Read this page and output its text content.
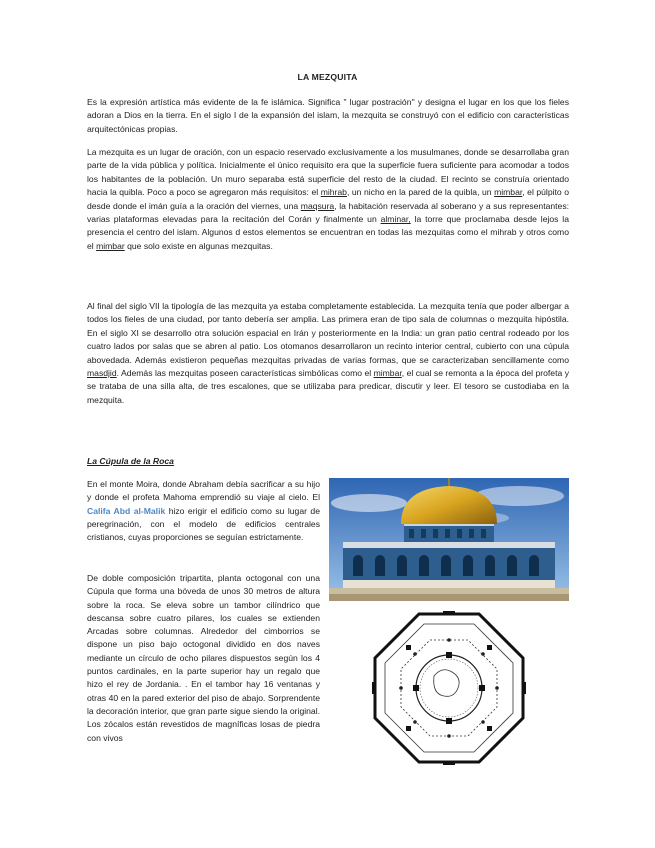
LA MEZQUITA

Es la expresión artística más evidente de la fe islámica. Significa " lugar postración'' y designa el lugar en los que los fieles adoran a Dios en la tierra. En el siglo I de la expansión del islam, la mezquita se construyó con el edificio con características arquitectónicas propias.

La mezquita es un lugar de oración, con un espacio reservado exclusivamente a los musulmanes, donde se desarrollaba gran parte de la vida pública y política. Inicialmente el único requisito era que la superficie fuera suficiente para acomodar a todos los habitantes de la población. Un muro separaba está superficie del resto de la ciudad. El recinto se construía orientado hacia la quibla. Poco a poco se agregaron más requisitos: el mihrab, un nicho en la pared de la quibla, un mimbar, el púlpito o desde donde el imán guía a la oración del viernes, una maqsura, la habitación reservada al soberano y a sus representantes: varias plataformas elevadas para la recitación del Corán y finalmente un alminar, la torre que proclamaba desde lejos la presencia el centro del islam. Algunos d estos elementos se encuentran en todas las mezquitas como el mihrab y otros como el mimbar que solo existe en algunas mezquitas.

Al final del siglo VII la tipología de las mezquita ya estaba completamente establecida. La mezquita tenía que poder albergar a todos los fieles de una ciudad, por tanto debería ser amplia. Las primera eran de tipo sala de columnas o mezquita hipóstila. En el siglo XI se desarrollo otra solución espacial en Irán y posteriormente en la India: un gran patio central rodeado por los cuatro lados por salas que se abren al patio. Los otomanos desarrollaron un recinto interior central, cubierto con una cúpula abovedada. Además existieron pequeñas mezquitas privadas de varias formas, que se caracterizaban sencillamente como masdjid. Además las mezquitas poseen características simbólicas como el mimbar, el cual se remonta a la época del profeta y se trataba de una silla alta, de tres escalones, que se utilizaba para predicar, discutir y leer. El tesoro se custodiaba en la mezquita.

La Cúpula de la Roca

En el monte Moira, donde Abraham debía sacrificar a su hijo y donde el profeta Mahoma emprendió su viaje al cielo. El Califa Abd al-Malik hizo erigir el edificio como su lugar de peregrinación, con el modelo de edificios centrales cristianos, cuyas proporciones se seguían estrictamente.

De doble composición tripartita, planta octogonal con una Cúpula que forma una bóveda de unos 30 metros de altura sobre la roca. Se eleva sobre un tambor cilíndrico que descansa sobre cuatro pilares, los cuales se extienden Arcadas sobre columnas. Alrededor del cimborrios se dispone un piso bajo octogonal dividido en dos naves mediante un círculo de ocho pilares dispuestos según los 4 puntos cardinales, en la parte superior hay un regalo que hizo el rey de Jordania. . En el tambor hay 16 ventanas y otras 40 en la pared exterior del piso de abajo. Sorprendente la decoración interior, que gran parte sigue siendo la original. Los zócalos están revestidos de magníficas losas de piedra con vivos
